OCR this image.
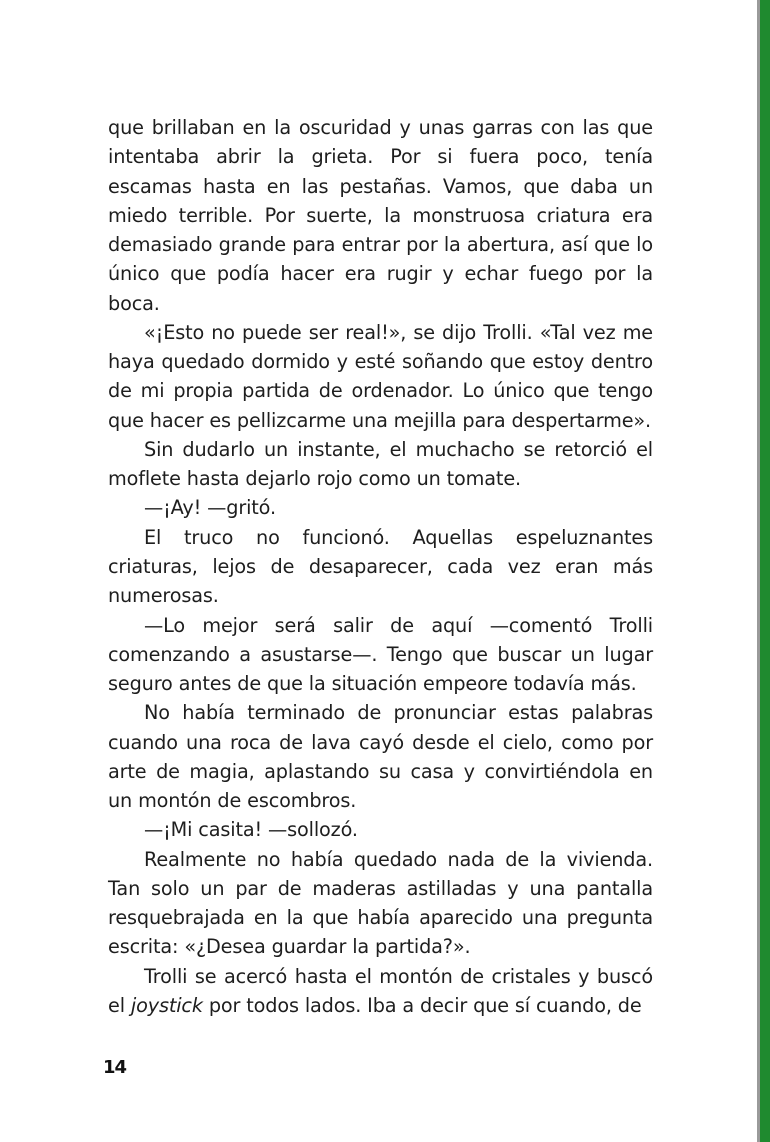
que brillaban en la oscuridad y unas garras con las que intentaba abrir la grieta. Por si fuera poco, tenía escamas hasta en las pestañas. Vamos, que daba un miedo terrible. Por suerte, la monstruosa criatura era demasiado grande para entrar por la abertura, así que lo único que podía hacer era rugir y echar fuego por la boca.

«¡Esto no puede ser real!», se dijo Trolli. «Tal vez me haya quedado dormido y esté soñando que estoy dentro de mi propia partida de ordenador. Lo único que tengo que hacer es pellizcarme una mejilla para despertarme».

Sin dudarlo un instante, el muchacho se retorció el moflete hasta dejarlo rojo como un tomate.

—¡Ay! —gritó.

El truco no funcionó. Aquellas espeluznantes criaturas, lejos de desaparecer, cada vez eran más numerosas.

—Lo mejor será salir de aquí —comentó Trolli comenzando a asustarse—. Tengo que buscar un lugar seguro antes de que la situación empeore todavía más.

No había terminado de pronunciar estas palabras cuando una roca de lava cayó desde el cielo, como por arte de magia, aplastando su casa y convirtiéndola en un montón de escombros.

—¡Mi casita! —sollozó.

Realmente no había quedado nada de la vivienda. Tan solo un par de maderas astilladas y una pantalla resquebrajada en la que había aparecido una pregunta escrita: «¿Desea guardar la partida?».

Trolli se acercó hasta el montón de cristales y buscó el joystick por todos lados. Iba a decir que sí cuando, de

14
